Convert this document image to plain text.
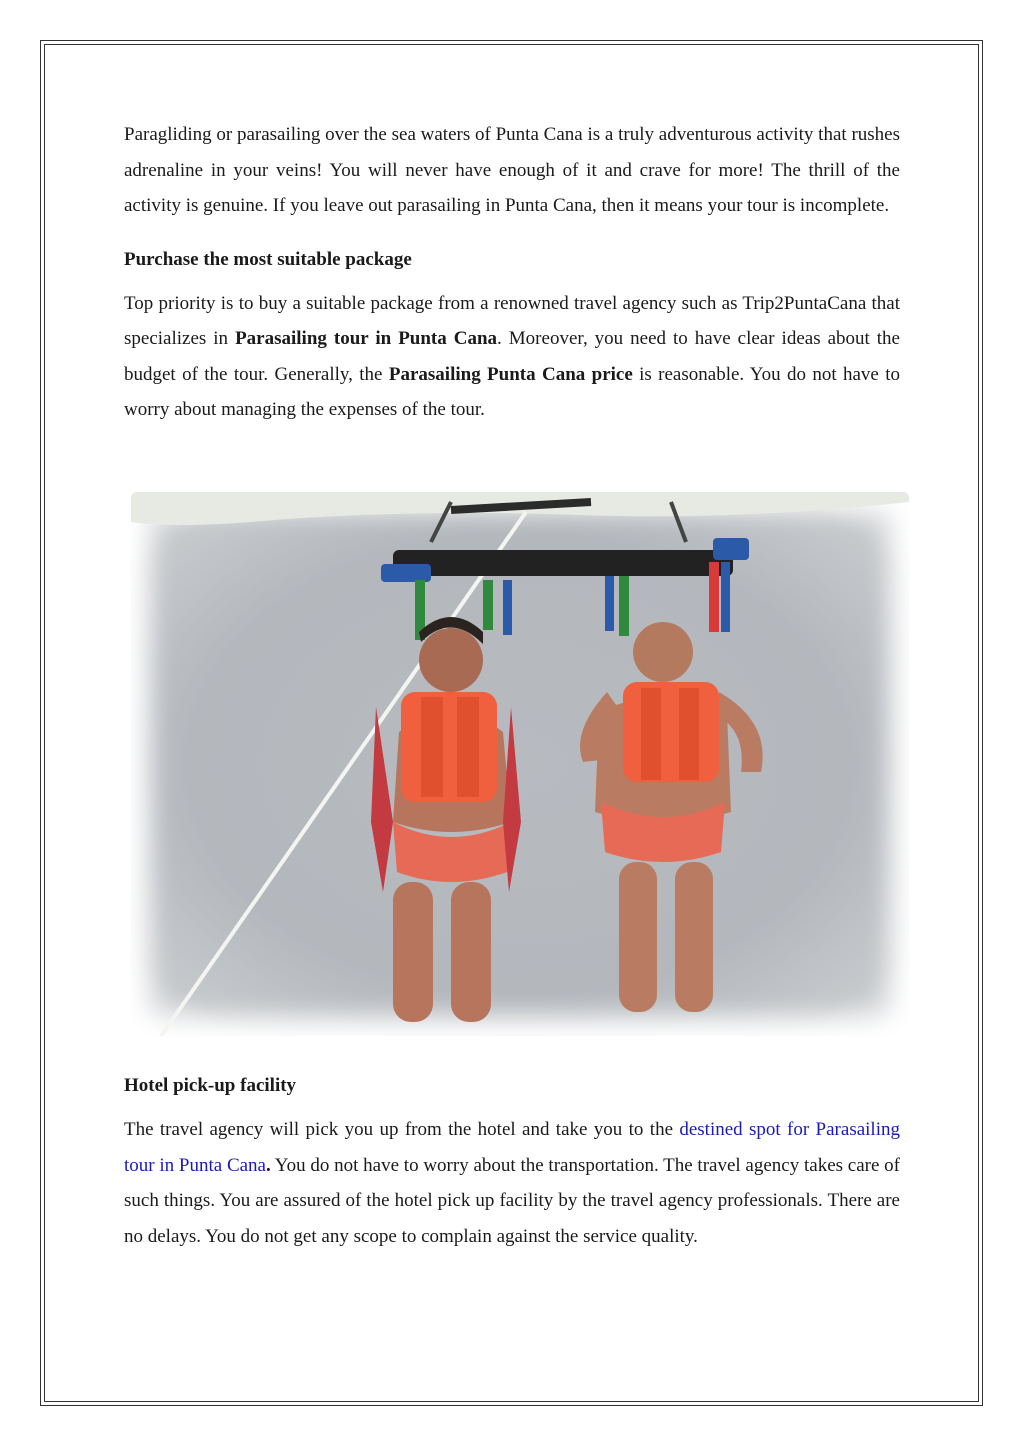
Paragliding or parasailing over the sea waters of Punta Cana is a truly adventurous activity that rushes adrenaline in your veins! You will never have enough of it and crave for more! The thrill of the activity is genuine. If you leave out parasailing in Punta Cana, then it means your tour is incomplete.

Purchase the most suitable package

Top priority is to buy a suitable package from a renowned travel agency such as Trip2PuntaCana that specializes in Parasailing tour in Punta Cana. Moreover, you need to have clear ideas about the budget of the tour. Generally, the Parasailing Punta Cana price is reasonable. You do not have to worry about managing the expenses of the tour.

Hotel pick-up facility

The travel agency will pick you up from the hotel and take you to the destined spot for Parasailing tour in Punta Cana. You do not have to worry about the transportation. The travel agency takes care of such things. You are assured of the hotel pick up facility by the travel agency professionals. There are no delays. You do not get any scope to complain against the service quality.
